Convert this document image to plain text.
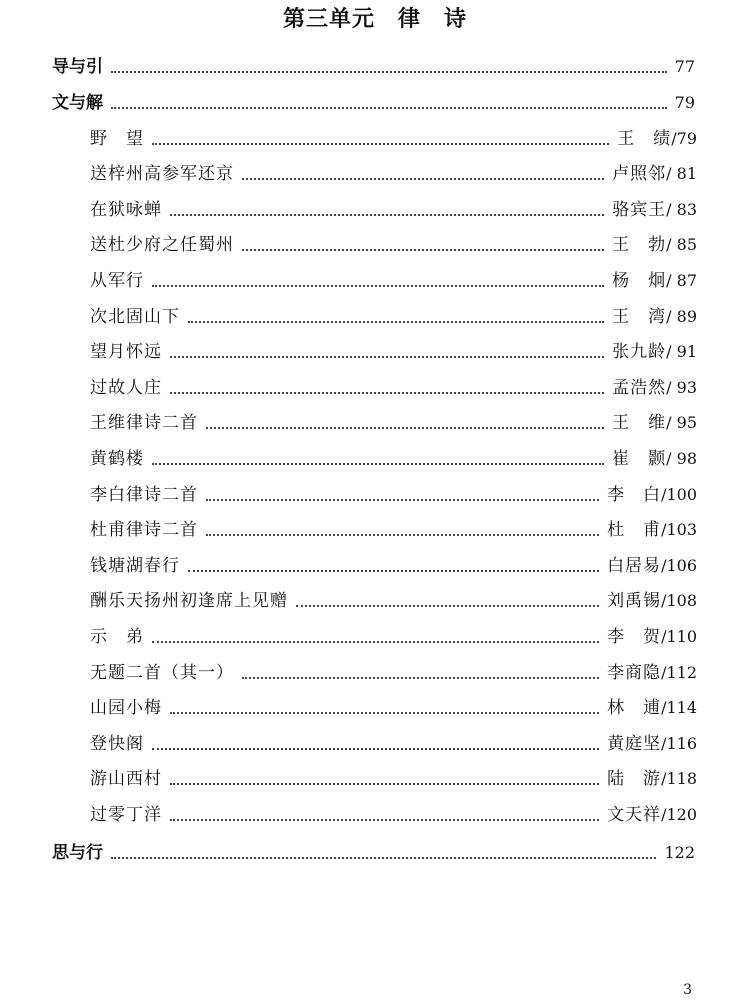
第三单元　律　诗
导与引	77
文与解	79
野　望	王　绩/79
送梓州高参军还京	卢照邻/ 81
在狱咏蝉	骆宾王/ 83
送杜少府之任蜀州	王　勃/ 85
从军行	杨　炯/ 87
次北固山下	王　湾/ 89
望月怀远	张九龄/ 91
过故人庄	孟浩然/ 93
王维律诗二首	王　维/ 95
黄鹤楼	崔　颢/ 98
李白律诗二首	李　白/100
杜甫律诗二首	杜　甫/103
钱塘湖春行	白居易/106
酬乐天扬州初逢席上见赠	刘禹锡/108
示　弟	李　贺/110
无题二首（其一）	李商隐/112
山园小梅	林　逋/114
登快阁	黄庭坚/116
游山西村	陆　游/118
过零丁洋	文天祥/120
思与行	122
3
